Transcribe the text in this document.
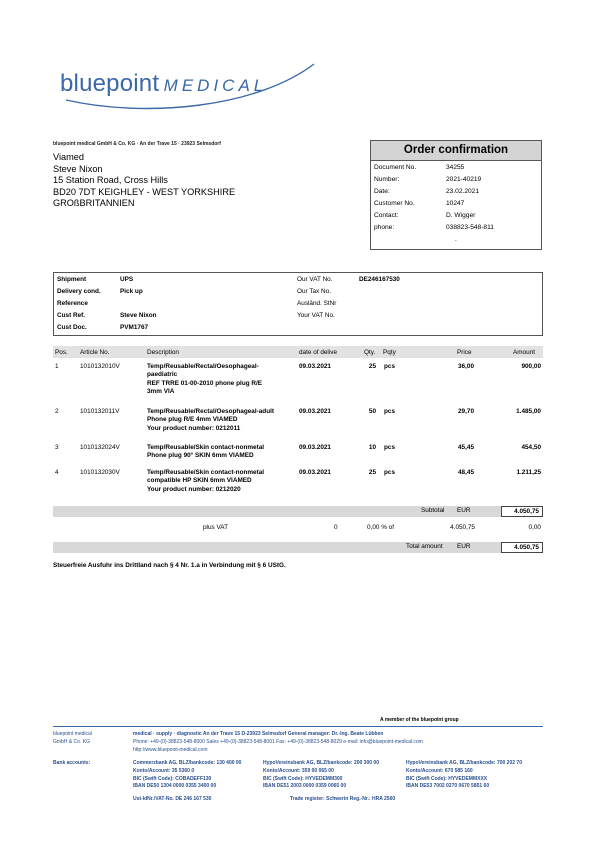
bluepoint MEDICAL
bluepoint medical GmbH & Co. KG · An der Trave 15 · 23923 Selmsdorf
Viamed
Steve Nixon
15 Station Road, Cross Hills
BD20 7DT KEIGHLEY - WEST YORKSHIRE
GROßBRITANNIEN
Order confirmation
Document No.	34255
Number:	2021-40219
Date:	23.02.2021
Customer No.	10247
Contact:	D. Wigger
phone:	038823-548-811
.
Shipment	UPS
Delivery cond.	Pick up
Reference
Cust Ref.	Steve Nixon
Cust Doc.	PVM1767
Our VAT No.	DE246167530
Our Tax No.
Ausländ. StNr
Your VAT No.
Pos. Article No.	Description	date of delive	Qty. Pqty	Price	Amount
1	1010132010V	Temp/Reusable/Rectal/Oesophageal-
paediatric
REF TRRE 01-00-2010 phone plug R/E
3mm VIA
09.03.2021	25 pcs	36,00	900,00
2	1010132011V	Temp/Reusable/Rectal/Oesophageal-adult
Phone plug R/E 4mm VIAMED
Your product number: 0212011
09.03.2021	50 pcs	29,70	1.485,00
3	1010132024V	Temp/Reusable/Skin contact-nonmetal
Phone plug 90° SKIN 6mm VIAMED
09.03.2021	10 pcs	45,45	454,50
4	1010132030V	Temp/Reusable/Skin contact-nonmetal
compatible HP SKIN 6mm VIAMED
Your product number: 0212020
09.03.2021	25 pcs	48,45	1.211,25
Subtotal EUR	4.050,75
plus VAT	0	0,00 % of	4.050,75	0,00
Total amount EUR	4.050,75
Steuerfreie Ausfuhr ins Drittland nach § 4 Nr. 1.a in Verbindung mit § 6 UStG.
A member of the bluepoint group
bluepoint medical
GmbH & Co. KG
medical · supply · diagnostic An der Trave 15 D-23923 Selmsdorf General manager: Dr.-Ing. Beate Lübben
Phone: +49-(0)-38823-548-8000 Sales +49-(0)-38823-548-8001 Fax: +49-(0)-38823-548-8029 e-mail: info@bluepoint-medical.com
http://www.bluepoint-medical.com
Bank accounts:	Commerzbank AG, BLZ/bankcode: 130 400 00
Konto/Account: 35 5360 0
BIC (Swift Code): COBADEFF130
IBAN DE50 1304 0000 0355 3400 00
HypoVereinsbank AG, BLZ/bankcode: 200 300 00
Konto/Account: 359 00 065 00
BIC (Swift Code): HYVEDEMM300
IBAN DE51 2003 0000 0359 0065 00
HypoVereinsbank AG, BLZ/bankcode: 700 202 70
Konto/Account: 670 585 160
BIC (Swift Code): HYVEDEMMXXX
IBAN DE53 7002 0270 0670 5851 60
Ust-IdNr./VAT-No. DE 246 167 530	Trade register: Schwerin Reg.-Nr.: HRA 2560
